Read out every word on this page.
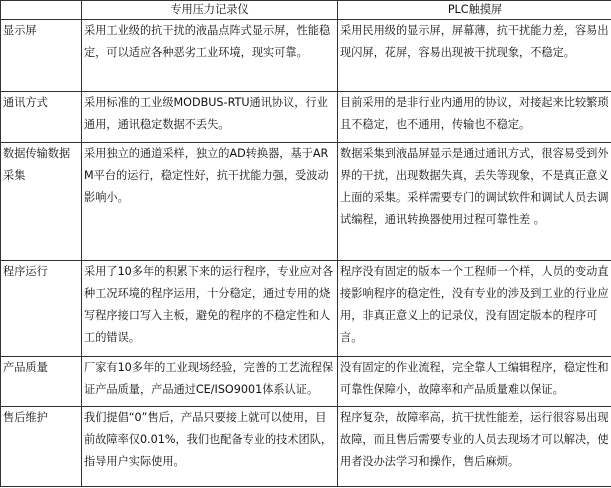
	专用压力记录仪	PLC触摸屏
显示屏	采用工业级的抗干扰的液晶点阵式显示屏，性能稳定，可以适应各种恶劣工业环境，现实可靠。	采用民用级的显示屏，屏幕薄，抗干扰能力差，容易出现闪屏，花屏，容易出现被干扰现象，不稳定。
通讯方式	采用标准的工业级MODBUS-RTU通讯协议，行业通用，通讯稳定数据不丢失。	目前采用的是非行业内通用的协议，对接起来比较繁琐且不稳定，也不通用，传输也不稳定。
数据传输数据采集	采用独立的通道采样，独立的AD转换器，基于ARM平台的运行，稳定性好，抗干扰能力强，受波动影响小。	数据采集到液晶屏显示是通过通讯方式，很容易受到外界的干扰，出现数据失真，丢失等现象，不是真正意义上面的采集。采样需要专门的调试软件和调试人员去调试编程，通讯转换器使用过程可靠性差 。
程序运行	采用了10多年的积累下来的运行程序，专业应对各种工况环境的程序运用，十分稳定，通过专用的烧写程序接口写入主板，避免的程序的不稳定性和人工的错误。	程序没有固定的版本一个工程师一个样，人员的变动直接影响程序的稳定性，没有专业的涉及到工业的行业应用，非真正意义上的记录仪，没有固定版本的程序可言。
产品质量	厂家有10多年的工业现场经验，完善的工艺流程保证产品质量，产品通过CE/ISO9001体系认证。	没有固定的作业流程，完全靠人工编辑程序，稳定性和可靠性保障小，故障率和产品质量难以保证。
售后维护	我们提倡“0”售后，产品只要接上就可以使用，目前故障率仅0.01%，我们也配备专业的技术团队，指导用户实际使用。	程序复杂，故障率高，抗干扰性能差，运行很容易出现故障，而且售后需要专业的人员去现场才可以解决，使用者没办法学习和操作，售后麻烦。
